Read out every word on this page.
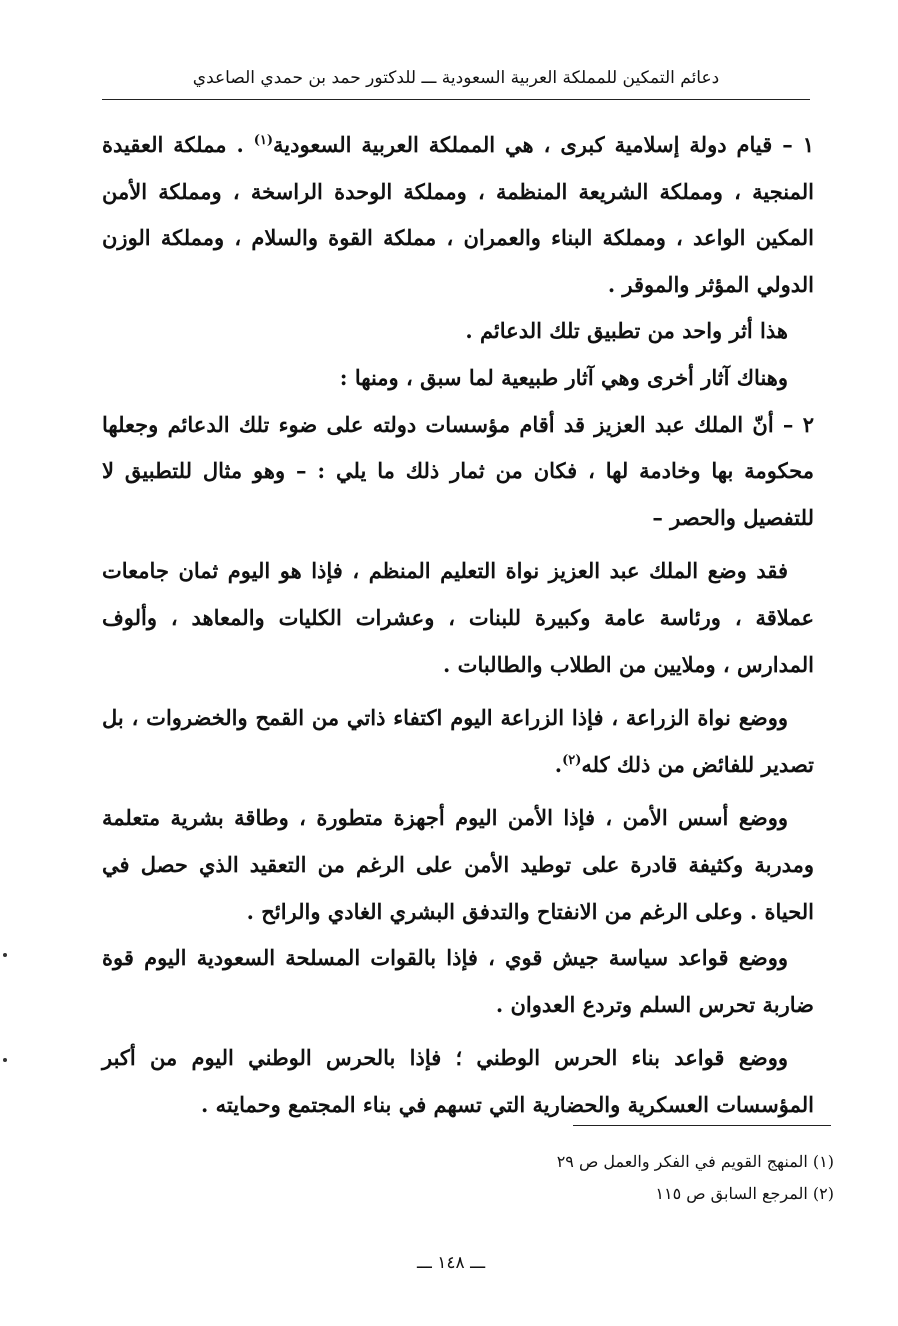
دعائم التمكين للمملكة العربية السعودية ـــ للدكتور حمد بن حمدي الصاعدي

١ – قيام دولة إسلامية كبرى ، هي المملكة العربية السعودية$^{(١)}$ . مملكة العقيدة المنجية ، ومملكة الشريعة المنظمة ، ومملكة الوحدة الراسخة ، ومملكة الأمن المكين الواعد ، ومملكة البناء والعمران ، مملكة القوة والسلام ، ومملكة الوزن الدولي المؤثر والموقر .

هذا أثر واحد من تطبيق تلك الدعائم .

وهناك آثار أخرى وهي آثار طبيعية لما سبق ، ومنها :

٢ – أنّ الملك عبد العزيز قد أقام مؤسسات دولته على ضوء تلك الدعائم وجعلها محكومة بها وخادمة لها ، فكان من ثمار ذلك ما يلي : – وهو مثال للتطبيق لا للتفصيل والحصر –

فقد وضع الملك عبد العزيز نواة التعليم المنظم ، فإذا هو اليوم ثمان جامعات عملاقة ، ورئاسة عامة وكبيرة للبنات ، وعشرات الكليات والمعاهد ، وألوف المدارس ، وملايين من الطلاب والطالبات .

ووضع نواة الزراعة ، فإذا الزراعة اليوم اكتفاء ذاتي من القمح والخضروات ، بل تصدير للفائض من ذلك كله$^{(٢)}$.

ووضع أسس الأمن ، فإذا الأمن اليوم أجهزة متطورة ، وطاقة بشرية متعلمة ومدربة وكثيفة قادرة على توطيد الأمن على الرغم من التعقيد الذي حصل في الحياة . وعلى الرغم من الانفتاح والتدفق البشري الغادي والرائح .

ووضع قواعد سياسة جيش قوي ، فإذا بالقوات المسلحة السعودية اليوم قوة ضاربة تحرس السلم وتردع العدوان .

ووضع قواعد بناء الحرس الوطني ؛ فإذا بالحرس الوطني اليوم من أكبر المؤسسات العسكرية والحضارية التي تسهم في بناء المجتمع وحمايته .

(١) المنهج القويم في الفكر والعمل ص ٢٩
(٢) المرجع السابق ص ١١٥
ـــ ١٤٨ ـــ
